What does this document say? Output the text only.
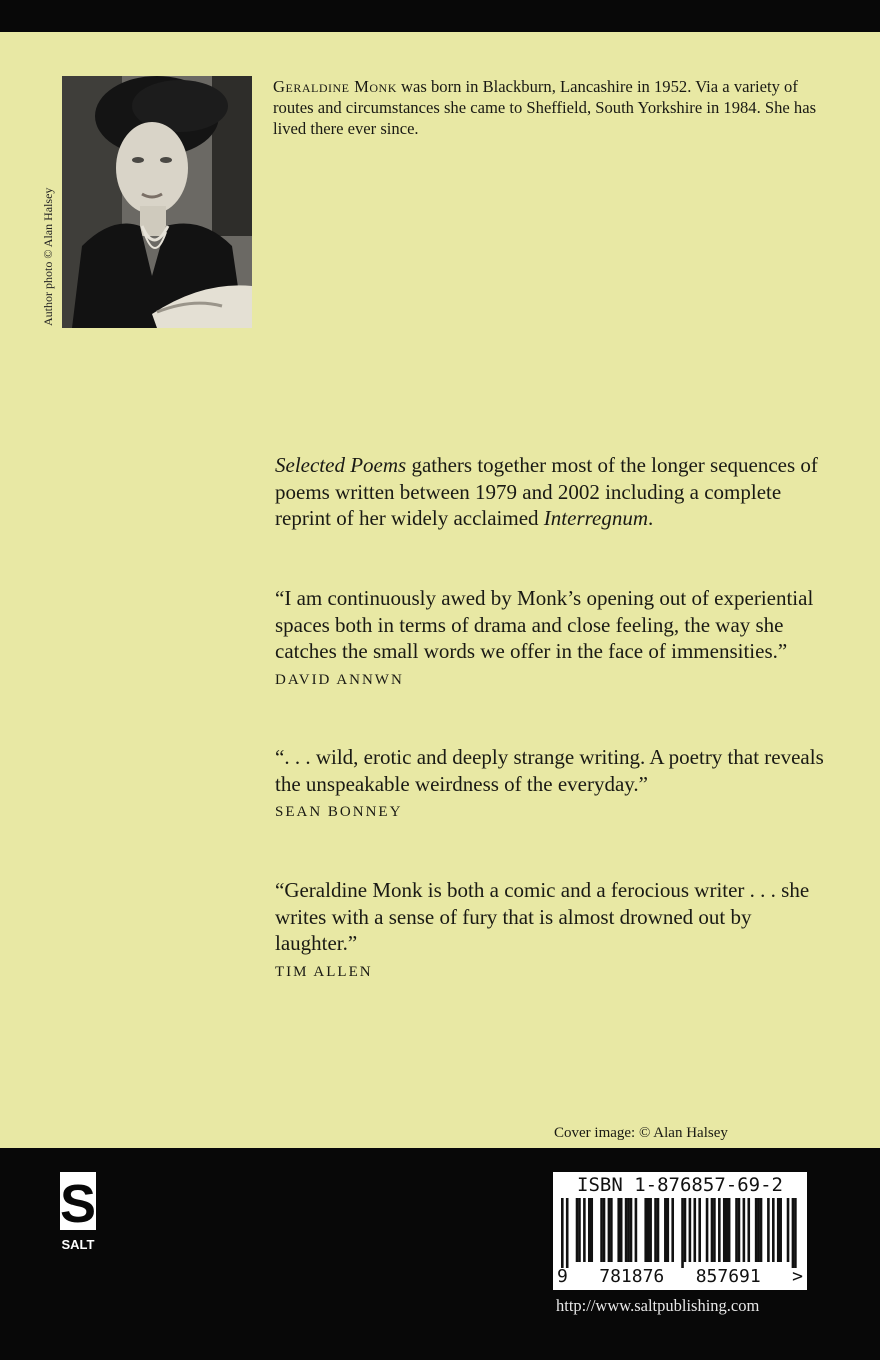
Author photo © Alan Halsey

Geraldine Monk was born in Blackburn, Lancashire in 1952. Via a variety of routes and circumstances she came to Sheffield, South Yorkshire in 1984. She has lived there ever since.

Selected Poems gathers together most of the longer sequences of poems written between 1979 and 2002 including a complete reprint of her widely acclaimed Interregnum.

“I am continuously awed by Monk’s opening out of experiential spaces both in terms of drama and close feeling, the way she catches the small words we offer in the face of immensities.”

DAVID ANNWN

“. . . wild, erotic and deeply strange writing. A poetry that reveals the unspeakable weirdness of the everyday.”

SEAN BONNEY

“Geraldine Monk is both a comic and a ferocious writer . . . she writes with a sense of fury that is almost drowned out by laughter.”

TIM ALLEN

Cover image: © Alan Halsey
S
SALT
ISBN 1-876857-69-2
9 781876 857691 >
http://www.saltpublishing.com
